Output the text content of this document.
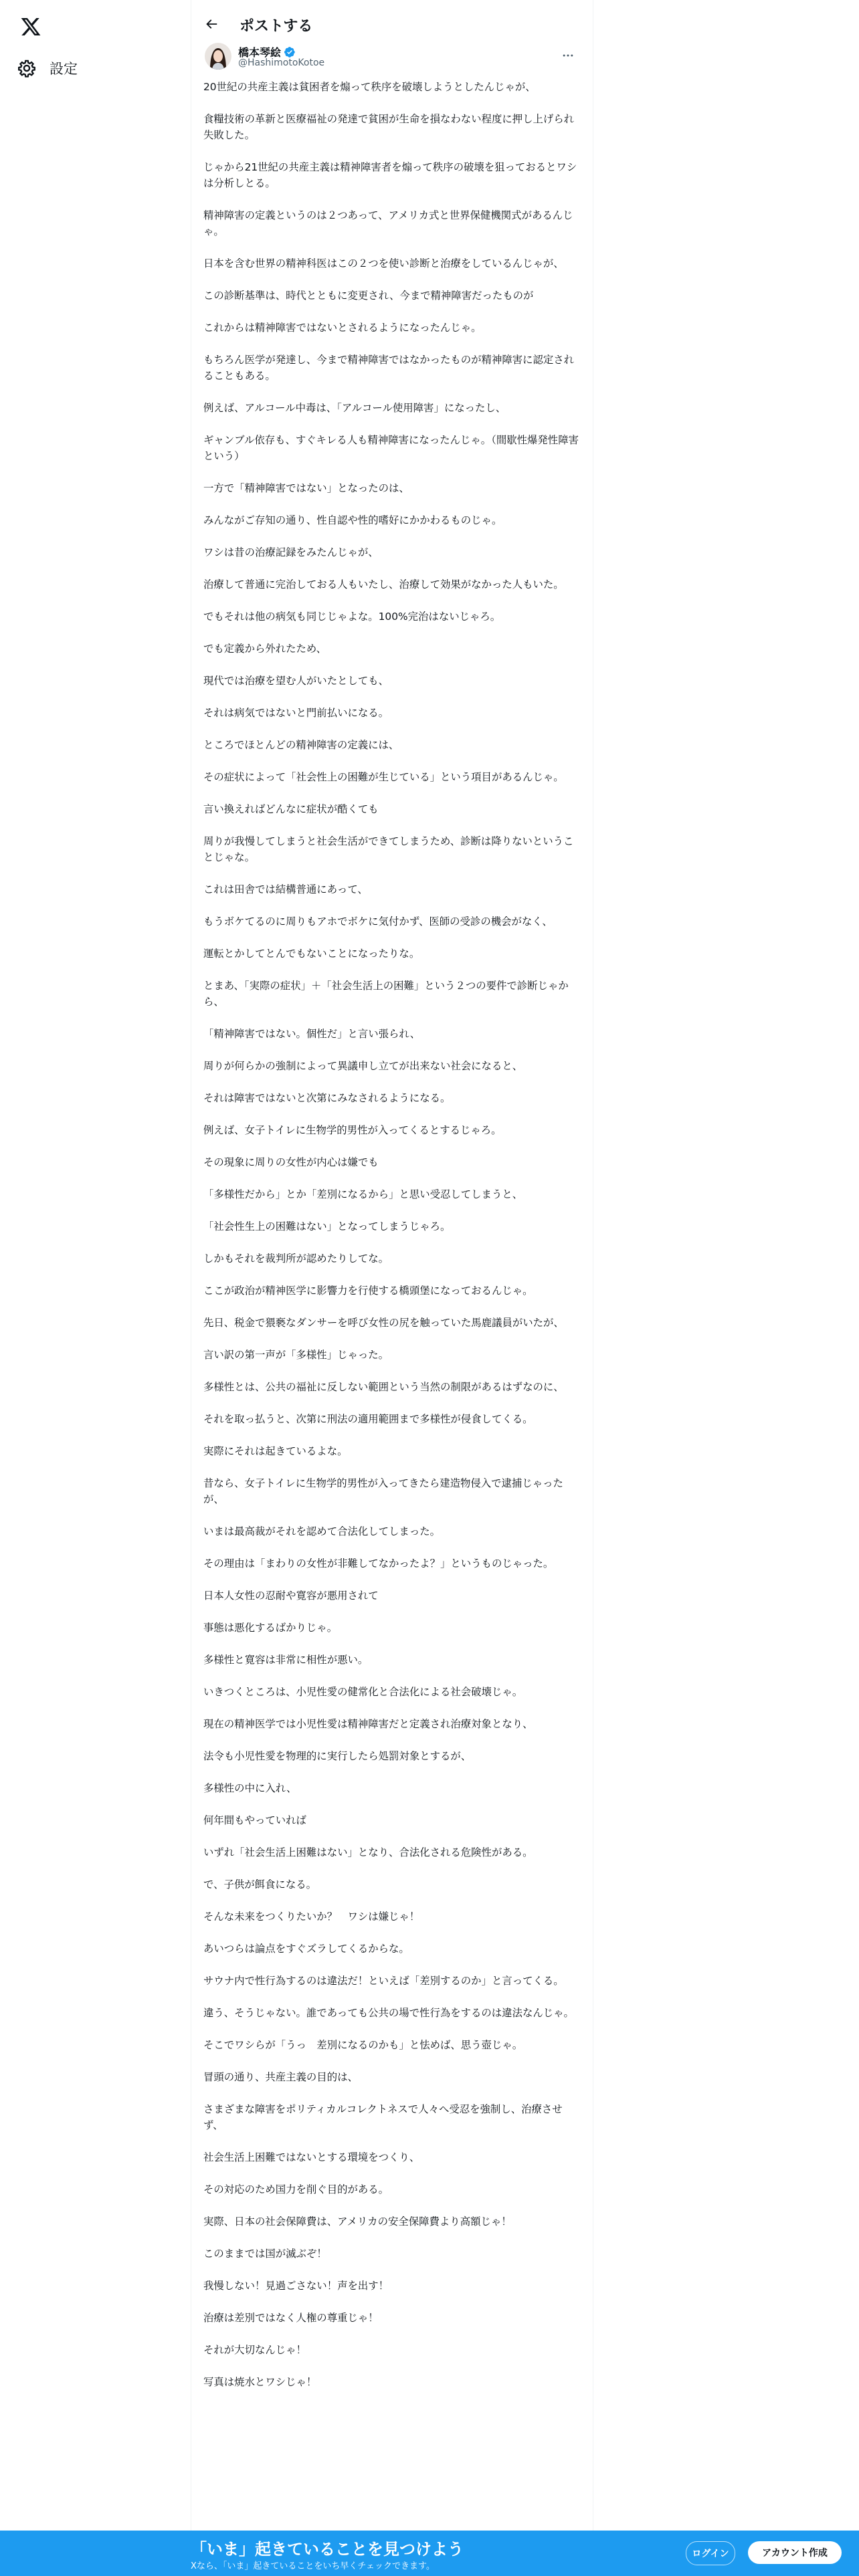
設定
ポストする
橋本琴絵
@HashimotoKotoe

20世紀の共産主義は貧困者を煽って秩序を破壊しようとしたんじゃが、

食糧技術の革新と医療福祉の発達で貧困が生命を損なわない程度に押し上げられ失敗した。

じゃから21世紀の共産主義は精神障害者を煽って秩序の破壊を狙っておるとワシは分析しとる。

精神障害の定義というのは２つあって、アメリカ式と世界保健機関式があるんじゃ。

日本を含む世界の精神科医はこの２つを使い診断と治療をしているんじゃが、

この診断基準は、時代とともに変更され、今まで精神障害だったものが

これからは精神障害ではないとされるようになったんじゃ。

もちろん医学が発達し、今まで精神障害ではなかったものが精神障害に認定されることもある。

例えば、アルコール中毒は、「アルコール使用障害」になったし、

ギャンブル依存も、すぐキレる人も精神障害になったんじゃ。（間歇性爆発性障害という）

一方で「精神障害ではない」となったのは、

みんながご存知の通り、性自認や性的嗜好にかかわるものじゃ。

ワシは昔の治療記録をみたんじゃが、

治療して普通に完治しておる人もいたし、治療して効果がなかった人もいた。

でもそれは他の病気も同じじゃよな。100%完治はないじゃろ。

でも定義から外れたため、

現代では治療を望む人がいたとしても、

それは病気ではないと門前払いになる。

ところでほとんどの精神障害の定義には、

その症状によって「社会性上の困難が生じている」という項目があるんじゃ。

言い換えればどんなに症状が酷くても

周りが我慢してしまうと社会生活ができてしまうため、診断は降りないということじゃな。

これは田舎では結構普通にあって、

もうボケてるのに周りもアホでボケに気付かず、医師の受診の機会がなく、

運転とかしてとんでもないことになったりな。

とまあ、「実際の症状」＋「社会生活上の困難」という２つの要件で診断じゃから、

「精神障害ではない。個性だ」と言い張られ、

周りが何らかの強制によって異議申し立てが出来ない社会になると、

それは障害ではないと次第にみなされるようになる。

例えば、女子トイレに生物学的男性が入ってくるとするじゃろ。

その現象に周りの女性が内心は嫌でも

「多様性だから」とか「差別になるから」と思い受忍してしまうと、

「社会性生上の困難はない」となってしまうじゃろ。

しかもそれを裁判所が認めたりしてな。

ここが政治が精神医学に影響力を行使する橋頭堡になっておるんじゃ。

先日、税金で猥褻なダンサーを呼び女性の尻を触っていた馬鹿議員がいたが、

言い訳の第一声が「多様性」じゃった。

多様性とは、公共の福祉に反しない範囲という当然の制限があるはずなのに、

それを取っ払うと、次第に刑法の適用範囲まで多様性が侵食してくる。

実際にそれは起きているよな。

昔なら、女子トイレに生物学的男性が入ってきたら建造物侵入で逮捕じゃったが、

いまは最高裁がそれを認めて合法化してしまった。

その理由は「まわりの女性が非難してなかったよ？」というものじゃった。

日本人女性の忍耐や寛容が悪用されて

事態は悪化するばかりじゃ。

多様性と寛容は非常に相性が悪い。

いきつくところは、小児性愛の健常化と合法化による社会破壊じゃ。

現在の精神医学では小児性愛は精神障害だと定義され治療対象となり、

法令も小児性愛を物理的に実行したら処罰対象とするが、

多様性の中に入れ、

何年間もやっていれば

いずれ「社会生活上困難はない」となり、合法化される危険性がある。

で、子供が餌食になる。

そんな未来をつくりたいか？　ワシは嫌じゃ！

あいつらは論点をすぐズラしてくるからな。

サウナ内で性行為するのは違法だ！といえば「差別するのか」と言ってくる。

違う、そうじゃない。誰であっても公共の場で性行為をするのは違法なんじゃ。

そこでワシらが「うっ　差別になるのかも」と怯めば、思う壺じゃ。

冒頭の通り、共産主義の目的は、

さまざまな障害をポリティカルコレクトネスで人々へ受忍を強制し、治療させず、

社会生活上困難ではないとする環境をつくり、

その対応のため国力を削ぐ目的がある。

実際、日本の社会保障費は、アメリカの安全保障費より高額じゃ！

このままでは国が滅ぶぞ！

我慢しない！見過ごさない！声を出す！

治療は差別ではなく人権の尊重じゃ！

それが大切なんじゃ！

写真は焼水とワシじゃ！

「いま」起きていることを見つけよう
Xなら、「いま」起きていることをいち早くチェックできます。
ログイン	アカウント作成
